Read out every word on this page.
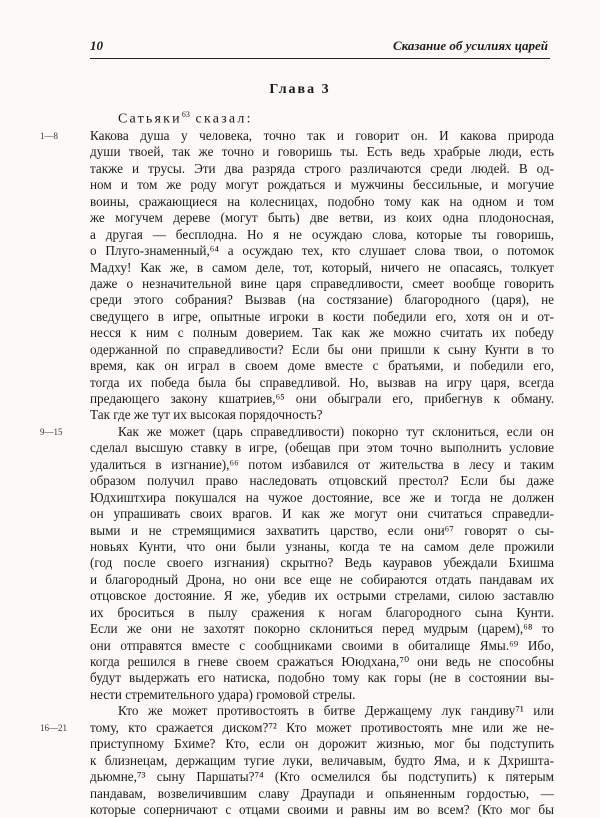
10	Сказание об усилиях царей
Глава 3
Сатьяки$^{63}$ сказал:
1—8
9—15
16—21
Какова душа у человека, точно так и говорит он. И какова природа
души твоей, так же точно и говоришь ты. Есть ведь храбрые люди, есть
также и трусы. Эти два разряда строго различаются среди людей. В од-
ном и том же роду могут рождаться и мужчины бессильные, и могучие
воины, сражающиеся на колесницах, подобно тому как на одном и том
же могучем дереве (могут быть) две ветви, из коих одна плодоносная,
а другая — бесплодна. Но я не осуждаю слова, которые ты говоришь,
о Плуго-знаменный,⁶⁴ а осуждаю тех, кто слушает слова твои, о потомок
Мадху! Как же, в самом деле, тот, который, ничего не опасаясь, толкует
даже о незначительной вине царя справедливости, смеет вообще говорить
среди этого собрания? Вызвав (на состязание) благородного (царя), не
сведущего в игре, опытные игроки в кости победили его, хотя он и от-
несся к ним с полным доверием. Так как же можно считать их победу
одержанной по справедливости? Если бы они пришли к сыну Кунти в то
время, как он играл в своем доме вместе с братьями, и победили его,
тогда их победа была бы справедливой. Но, вызвав на игру царя, всегда
предающего закону кшатриев,⁶⁵ они обыграли его, прибегнув к обману.
Так где же тут их высокая порядочность?
Как же может (царь справедливости) покорно тут склониться, если он
сделал высшую ставку в игре, (обещав при этом точно выполнить условие
удалиться в изгнание),⁶⁶ потом избавился от жительства в лесу и таким
образом получил право наследовать отцовский престол? Если бы даже
Юдхиштхира покушался на чужое достояние, все же и тогда не должен
он упрашивать своих врагов. И как же могут они считаться справедли-
выми и не стремящимися захватить царство, если они⁶⁷ говорят о сы-
новьях Кунти, что они были узнаны, когда те на самом деле прожили
(год после своего изгнания) скрытно? Ведь кауравов убеждали Бхишма
и благородный Дрона, но они все еще не собираются отдать пандавам их
отцовское достояние. Я же, убедив их острыми стрелами, силою заставлю
их броситься в пылу сражения к ногам благородного сына Кунти.
Если же они не захотят покорно склониться перед мудрым (царем),⁶⁸ то
они отправятся вместе с сообщниками своими в обиталище Ямы.⁶⁹ Ибо,
когда решился в гневе своем сражаться Ююдхана,⁷⁰ они ведь не способны
будут выдержать его натиска, подобно тому как горы (не в состоянии вы-
нести стремительного удара) громовой стрелы.
Кто же может противостоять в битве Держащему лук гандиву⁷¹ или
тому, кто сражается диском?⁷² Кто может противостоять мне или же не-
приступному Бхиме? Кто, если он дорожит жизнью, мог бы подступить
к близнецам, держащим тугие луки, величавым, будто Яма, и к Дхришта-
дьюмне,⁷³ сыну Паршаты?⁷⁴ (Кто осмелился бы подступить) к пятерым
пандавам, возвеличившим славу Драупади и опьяненным гордостью, —
которые соперничают с отцами своими и равны им во всем? (Кто мог бы
